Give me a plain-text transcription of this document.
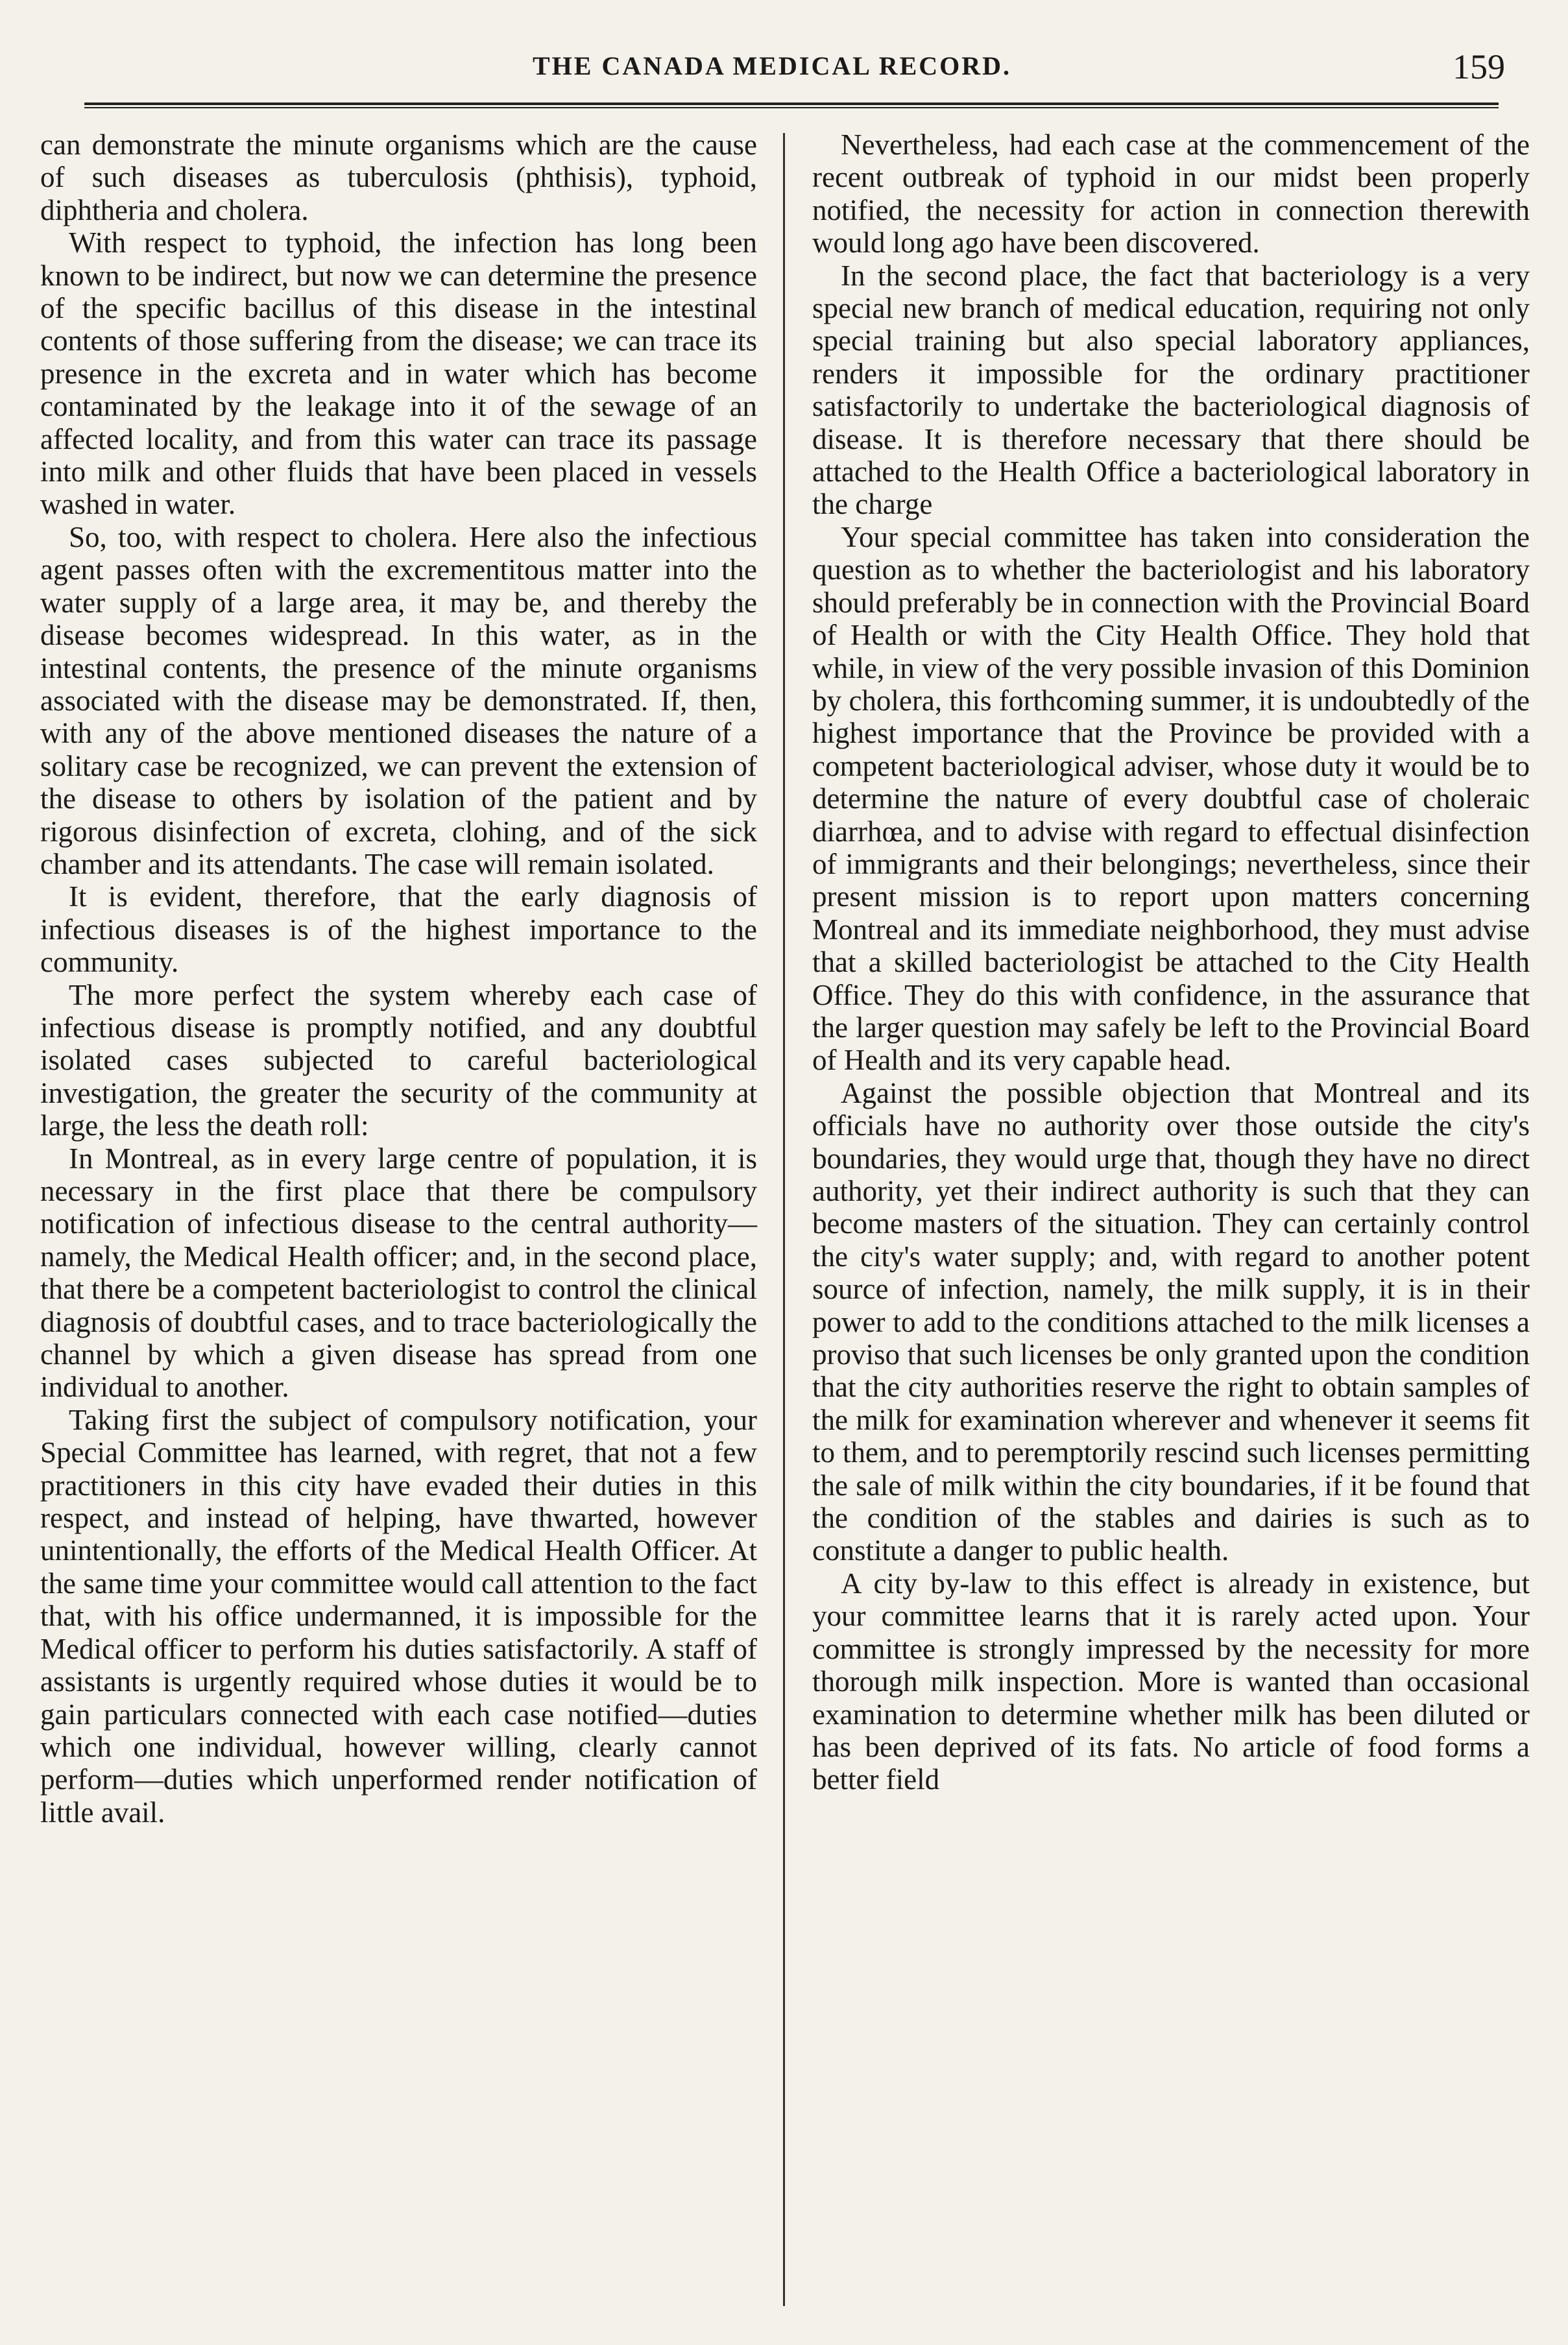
THE CANADA MEDICAL RECORD.	159

can demonstrate the minute organisms which are the cause of such diseases as tuberculosis (phthisis), typhoid, diphtheria and cholera.

With respect to typhoid, the infection has long been known to be indirect, but now we can determine the presence of the specific bacillus of this disease in the intestinal contents of those suffering from the disease; we can trace its presence in the excreta and in water which has become contaminated by the leakage into it of the sewage of an affected locality, and from this water can trace its passage into milk and other fluids that have been placed in vessels washed in water.

So, too, with respect to cholera. Here also the infectious agent passes often with the excrementitous matter into the water supply of a large area, it may be, and thereby the disease becomes widespread. In this water, as in the intestinal contents, the presence of the minute organisms associated with the disease may be demonstrated. If, then, with any of the above mentioned diseases the nature of a solitary case be recognized, we can prevent the extension of the disease to others by isolation of the patient and by rigorous disinfection of excreta, clohing, and of the sick chamber and its attendants. The case will remain isolated.

It is evident, therefore, that the early diagnosis of infectious diseases is of the highest importance to the community.

The more perfect the system whereby each case of infectious disease is promptly notified, and any doubtful isolated cases subjected to careful bacteriological investigation, the greater the security of the community at large, the less the death roll:

In Montreal, as in every large centre of population, it is necessary in the first place that there be compulsory notification of infectious disease to the central authority—namely, the Medical Health officer; and, in the second place, that there be a competent bacteriologist to control the clinical diagnosis of doubtful cases, and to trace bacteriologically the channel by which a given disease has spread from one individual to another.

Taking first the subject of compulsory notification, your Special Committee has learned, with regret, that not a few practitioners in this city have evaded their duties in this respect, and instead of helping, have thwarted, however unintentionally, the efforts of the Medical Health Officer. At the same time your committee would call attention to the fact that, with his office undermanned, it is impossible for the Medical officer to perform his duties satisfactorily. A staff of assistants is urgently required whose duties it would be to gain particulars connected with each case notified—duties which one individual, however willing, clearly cannot perform—duties which unperformed render notification of little avail.

Nevertheless, had each case at the commencement of the recent outbreak of typhoid in our midst been properly notified, the necessity for action in connection therewith would long ago have been discovered.

In the second place, the fact that bacteriology is a very special new branch of medical education, requiring not only special training but also special laboratory appliances, renders it impossible for the ordinary practitioner satisfactorily to undertake the bacteriological diagnosis of disease. It is therefore necessary that there should be attached to the Health Office a bacteriological laboratory in the charge

Your special committee has taken into consideration the question as to whether the bacteriologist and his laboratory should preferably be in connection with the Provincial Board of Health or with the City Health Office. They hold that while, in view of the very possible invasion of this Dominion by cholera, this forthcoming summer, it is undoubtedly of the highest importance that the Province be provided with a competent bacteriological adviser, whose duty it would be to determine the nature of every doubtful case of choleraic diarrhœa, and to advise with regard to effectual disinfection of immigrants and their belongings; nevertheless, since their present mission is to report upon matters concerning Montreal and its immediate neighborhood, they must advise that a skilled bacteriologist be attached to the City Health Office. They do this with confidence, in the assurance that the larger question may safely be left to the Provincial Board of Health and its very capable head.

Against the possible objection that Montreal and its officials have no authority over those outside the city's boundaries, they would urge that, though they have no direct authority, yet their indirect authority is such that they can become masters of the situation. They can certainly control the city's water supply; and, with regard to another potent source of infection, namely, the milk supply, it is in their power to add to the conditions attached to the milk licenses a proviso that such licenses be only granted upon the condition that the city authorities reserve the right to obtain samples of the milk for examination wherever and whenever it seems fit to them, and to peremptorily rescind such licenses permitting the sale of milk within the city boundaries, if it be found that the condition of the stables and dairies is such as to constitute a danger to public health.

A city by-law to this effect is already in existence, but your committee learns that it is rarely acted upon. Your committee is strongly impressed by the necessity for more thorough milk inspection. More is wanted than occasional examination to determine whether milk has been diluted or has been deprived of its fats. No article of food forms a better field
